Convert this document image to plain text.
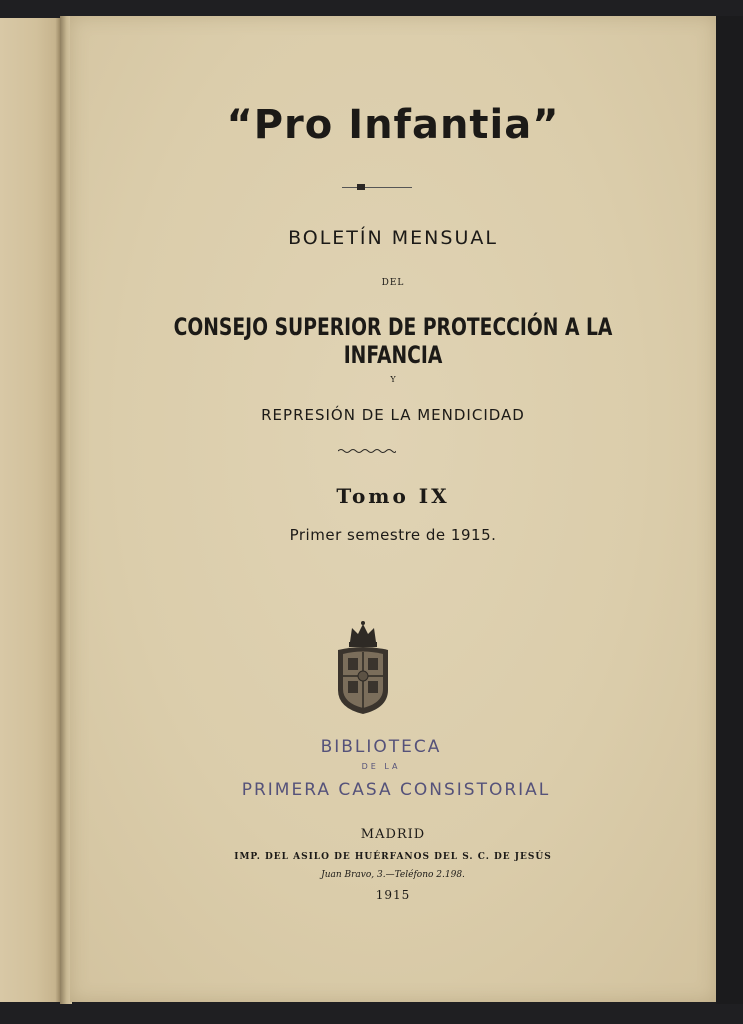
“Pro Infantia”
BOLETÍN MENSUAL
DEL
CONSEJO SUPERIOR DE PROTECCIÓN A LA INFANCIA
Y
REPRESIÓN DE LA MENDICIDAD
Tomo IX
Primer semestre de 1915.
BIBLIOTECA
DE LA
PRIMERA CASA CONSISTORIAL
MADRID
IMP. DEL ASILO DE HUÉRFANOS DEL S. C. DE JESÚS
Juan Bravo, 3.—Teléfono 2.198.
1915
